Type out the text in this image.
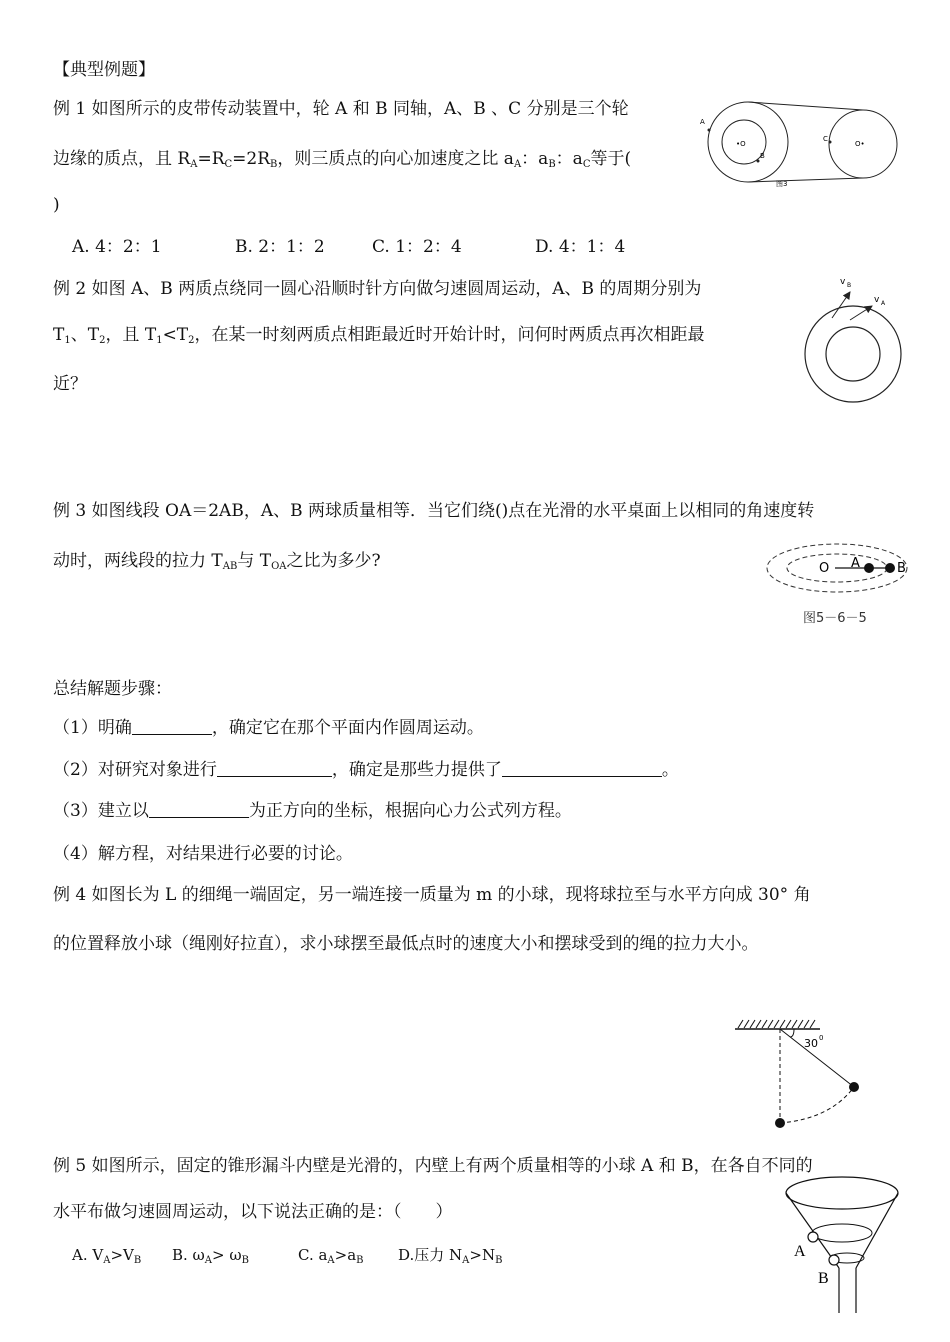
【典型例题】
例 1 如图所示的皮带传动装置中，轮 A 和 B 同轴，A、B 、C 分别是三个轮
边缘的质点，且 $R_A=R_C=2R_B$，则三质点的向心加速度之比 $a_A$：$a_B$：$a_C$等于(
)
A. 4：2：1	B. 2：1：2	C. 1：2：4	D. 4：1：4
A
•O
B
C
O•
图3
例 2 如图 A、B 两质点绕同一圆心沿顺时针方向做匀速圆周运动，A、B 的周期分别为
$T_1$、$T_2$，且 $T_1<T_2$，在某一时刻两质点相距最近时开始计时，问何时两质点再次相距最
近？
v B
v A
例 3 如图线段 OA＝2AB，A、B 两球质量相等．当它们绕()点在光滑的水平桌面上以相同的角速度转
动时，两线段的拉力 $T_{AB}$与 $T_{OA}$之比为多少?	O A	B
图5－6－5
总结解题步骤：
（1）明确	，确定它在那个平面内作圆周运动。
（2）对研究对象进行	，确定是那些力提供了	。
（3）建立以	为正方向的坐标，根据向心力公式列方程。
（4）解方程，对结果进行必要的讨论。
例 4 如图长为 L 的细绳一端固定，另一端连接一质量为 m 的小球，现将球拉至与水平方向成 30° 角
的位置释放小球（绳刚好拉直），求小球摆至最低点时的速度大小和摆球受到的绳的拉力大小。
30 0
例 5 如图所示，固定的锥形漏斗内壁是光滑的，内壁上有两个质量相等的小球 A 和 B，在各自不同的
水平布做匀速圆周运动，以下说法正确的是：（　　）
A. $V_A>V_B$ B. $\omega_A> \omega_B$	C. $a_A>a_B$ D.压力 $N_A>N_B$
A
B
